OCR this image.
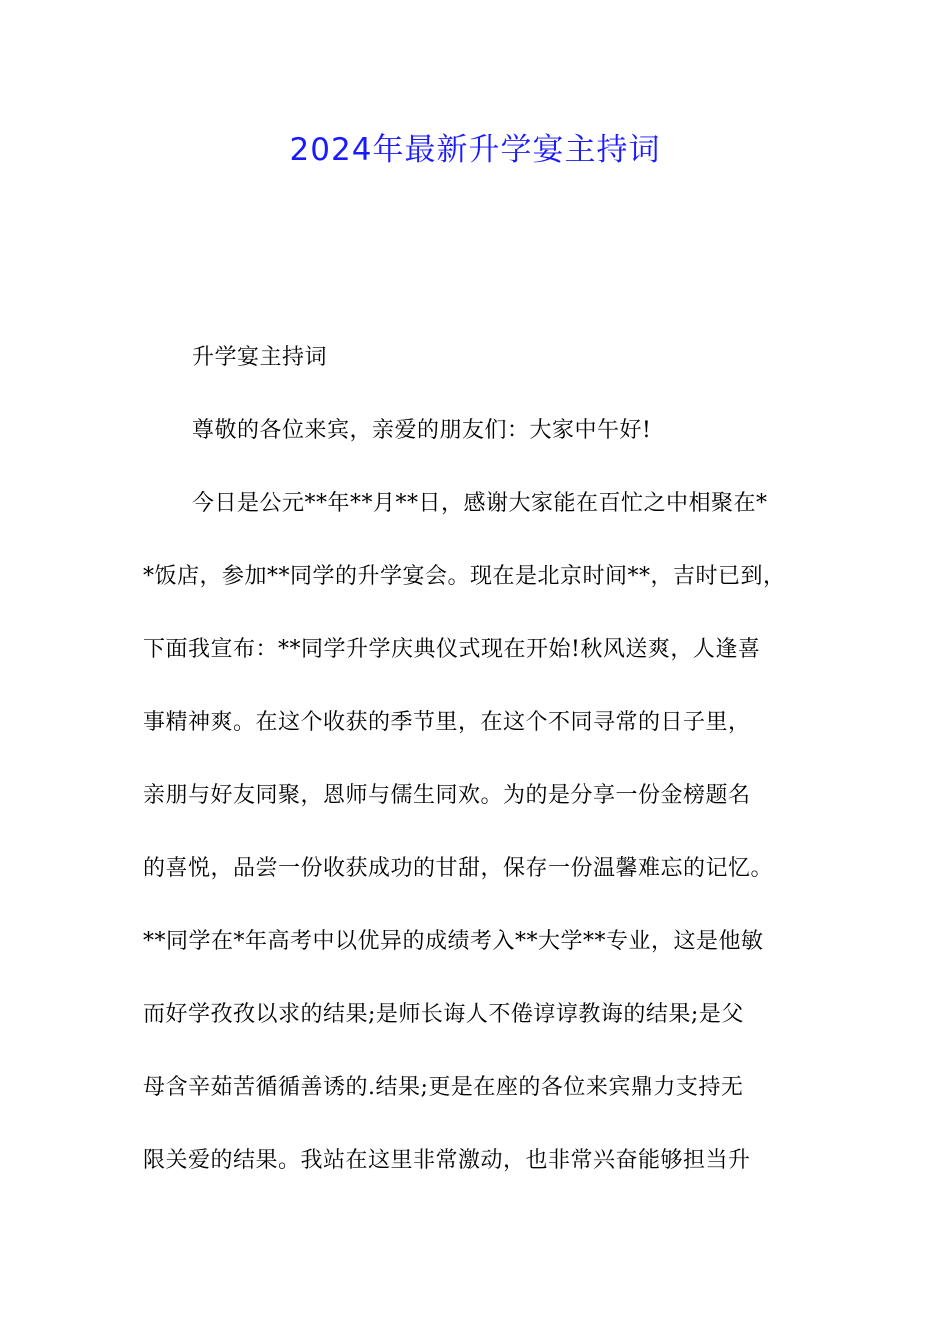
2024年最新升学宴主持词

升学宴主持词

尊敬的各位来宾，亲爱的朋友们：大家中午好!

今日是公元**年**月**日，感谢大家能在百忙之中相聚在*

*饭店，参加**同学的升学宴会。现在是北京时间**，吉时已到，

下面我宣布：**同学升学庆典仪式现在开始!秋风送爽，人逢喜

事精神爽。在这个收获的季节里，在这个不同寻常的日子里，

亲朋与好友同聚，恩师与儒生同欢。为的是分享一份金榜题名

的喜悦，品尝一份收获成功的甘甜，保存一份温馨难忘的记忆。

**同学在*年高考中以优异的成绩考入**大学**专业，这是他敏

而好学孜孜以求的结果;是师长诲人不倦谆谆教诲的结果;是父

母含辛茹苦循循善诱的.结果;更是在座的各位来宾鼎力支持无

限关爱的结果。我站在这里非常激动，也非常兴奋能够担当升
